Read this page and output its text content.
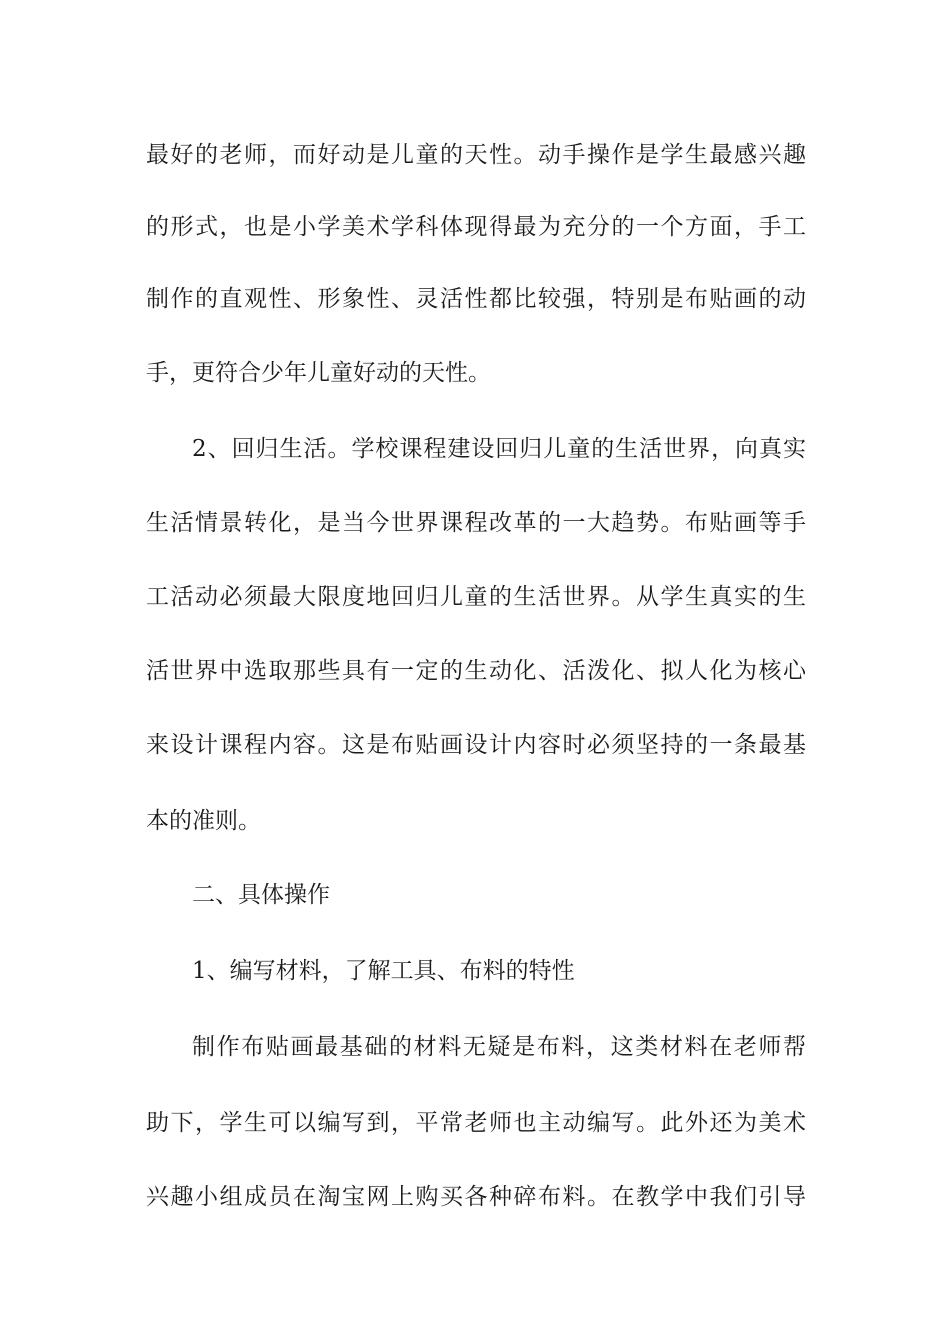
最好的老师，而好动是儿童的天性。动手操作是学生最感兴趣
的形式，也是小学美术学科体现得最为充分的一个方面，手工
制作的直观性、形象性、灵活性都比较强，特别是布贴画的动
手，更符合少年儿童好动的天性。
2、回归生活。学校课程建设回归儿童的生活世界，向真实
生活情景转化，是当今世界课程改革的一大趋势。布贴画等手
工活动必须最大限度地回归儿童的生活世界。从学生真实的生
活世界中选取那些具有一定的生动化、活泼化、拟人化为核心
来设计课程内容。这是布贴画设计内容时必须坚持的一条最基
本的准则。
二、具体操作
1、编写材料，了解工具、布料的特性
制作布贴画最基础的材料无疑是布料，这类材料在老师帮
助下，学生可以编写到，平常老师也主动编写。此外还为美术
兴趣小组成员在淘宝网上购买各种碎布料。在教学中我们引导
